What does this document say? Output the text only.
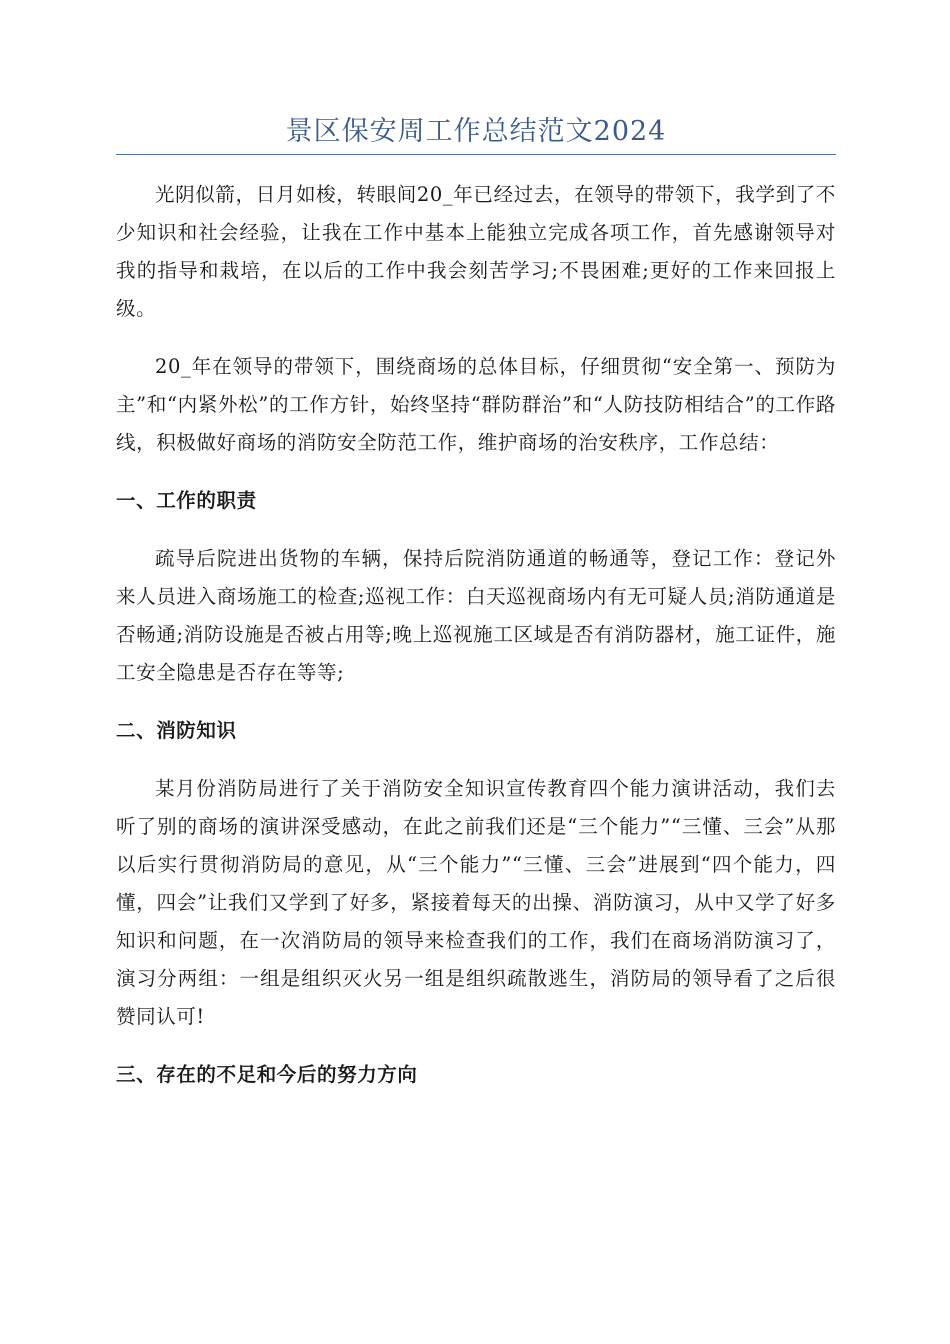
景区保安周工作总结范文2024

光阴似箭，日月如梭，转眼间20_年已经过去，在领导的带领下，我学到了不少知识和社会经验，让我在工作中基本上能独立完成各项工作，首先感谢领导对我的指导和栽培，在以后的工作中我会刻苦学习;不畏困难;更好的工作来回报上级。

20_年在领导的带领下，围绕商场的总体目标，仔细贯彻“安全第一、预防为主”和“内紧外松”的工作方针，始终坚持“群防群治”和“人防技防相结合”的工作路线，积极做好商场的消防安全防范工作，维护商场的治安秩序，工作总结：

一、工作的职责

疏导后院进出货物的车辆，保持后院消防通道的畅通等，登记工作：登记外来人员进入商场施工的检查;巡视工作：白天巡视商场内有无可疑人员;消防通道是否畅通;消防设施是否被占用等;晚上巡视施工区域是否有消防器材，施工证件，施工安全隐患是否存在等等;

二、消防知识

某月份消防局进行了关于消防安全知识宣传教育四个能力演讲活动，我们去听了别的商场的演讲深受感动，在此之前我们还是“三个能力”“三懂、三会”从那以后实行贯彻消防局的意见，从“三个能力”“三懂、三会”进展到“四个能力，四懂，四会”让我们又学到了好多，紧接着每天的出操、消防演习，从中又学了好多知识和问题，在一次消防局的领导来检查我们的工作，我们在商场消防演习了，演习分两组：一组是组织灭火另一组是组织疏散逃生，消防局的领导看了之后很赞同认可!

三、存在的不足和今后的努力方向
